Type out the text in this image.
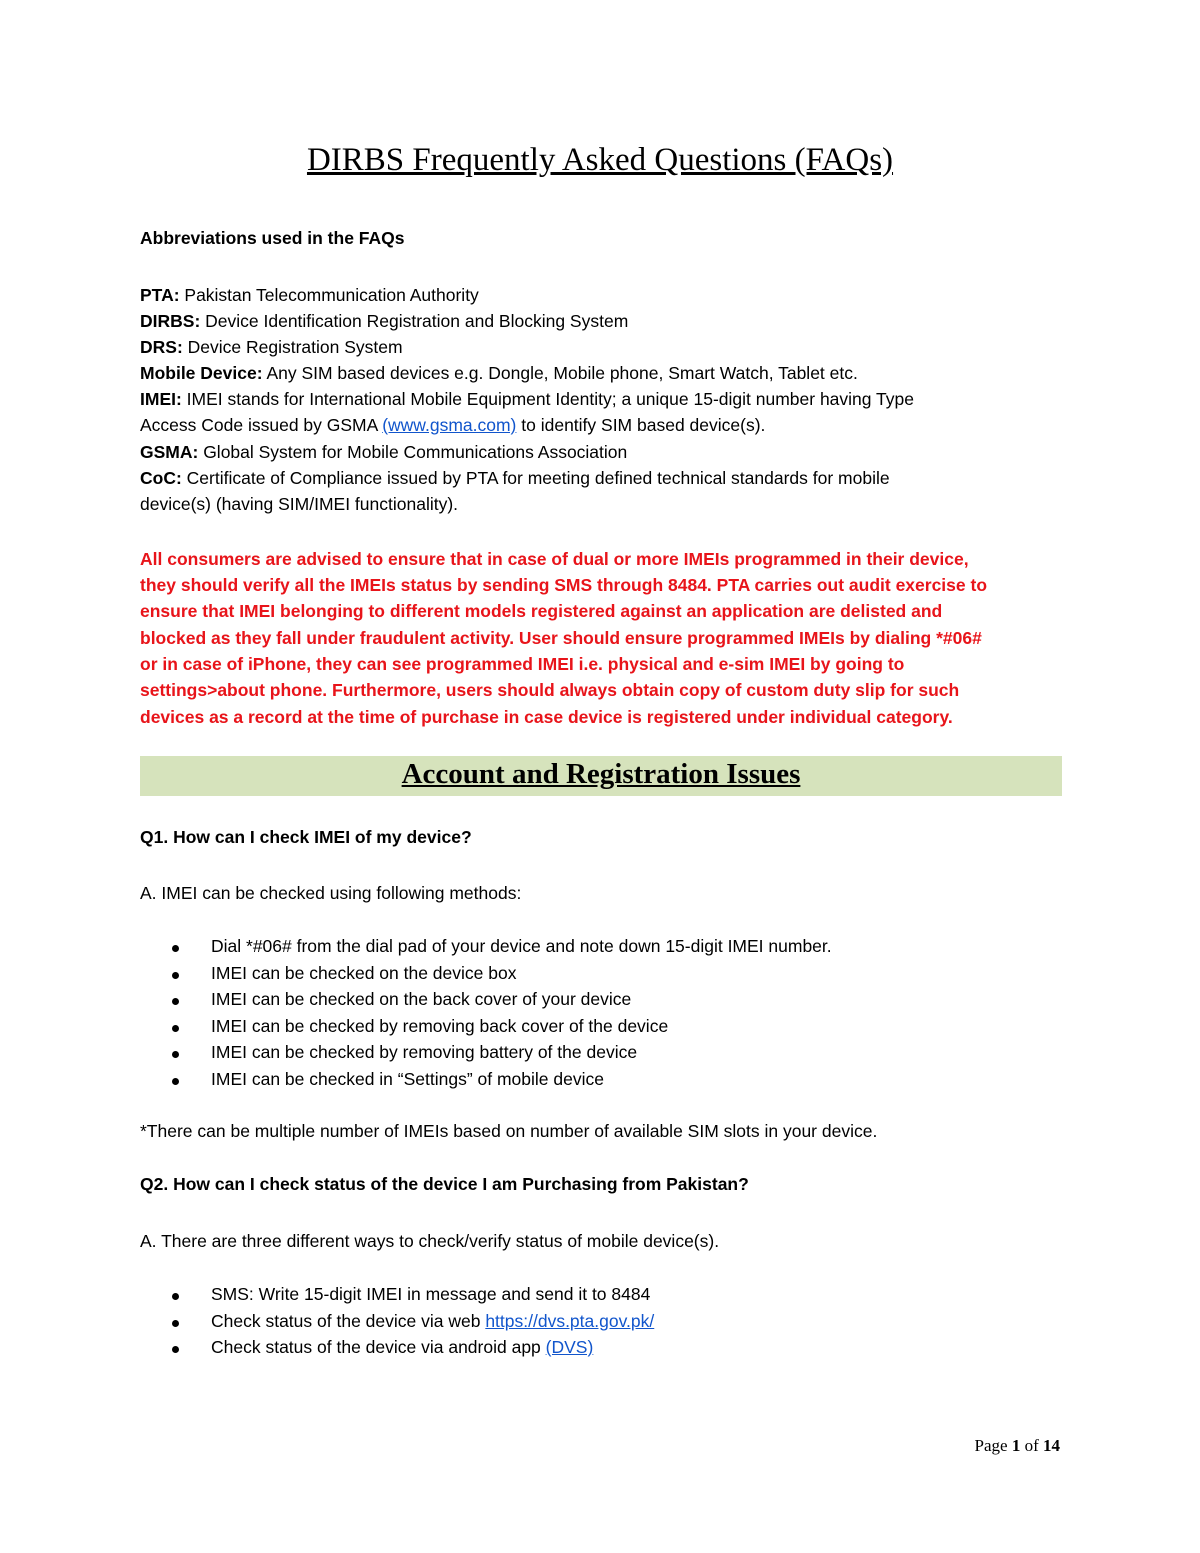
DIRBS Frequently Asked Questions (FAQs)

Abbreviations used in the FAQs

PTA: Pakistan Telecommunication Authority

DIRBS: Device Identification Registration and Blocking System

DRS: Device Registration System

Mobile Device: Any SIM based devices e.g. Dongle, Mobile phone, Smart Watch, Tablet etc.

IMEI: IMEI stands for International Mobile Equipment Identity; a unique 15-digit number having Type

Access Code issued by GSMA (www.gsma.com) to identify SIM based device(s).

GSMA: Global System for Mobile Communications Association

CoC: Certificate of Compliance issued by PTA for meeting defined technical standards for mobile

device(s) (having SIM/IMEI functionality).

All consumers are advised to ensure that in case of dual or more IMEIs programmed in their device,

they should verify all the IMEIs status by sending SMS through 8484. PTA carries out audit exercise to

ensure that IMEI belonging to different models registered against an application are delisted and

blocked as they fall under fraudulent activity. User should ensure programmed IMEIs by dialing *#06#

or in case of iPhone, they can see programmed IMEI i.e. physical and e-sim IMEI by going to

settings>about phone. Furthermore, users should always obtain copy of custom duty slip for such

devices as a record at the time of purchase in case device is registered under individual category.

Account and Registration Issues

Q1. How can I check IMEI of my device?

A. IMEI can be checked using following methods:

Dial *#06# from the dial pad of your device and note down 15-digit IMEI number.
IMEI can be checked on the device box
IMEI can be checked on the back cover of your device
IMEI can be checked by removing back cover of the device
IMEI can be checked by removing battery of the device
IMEI can be checked in “Settings” of mobile device

*There can be multiple number of IMEIs based on number of available SIM slots in your device.

Q2. How can I check status of the device I am Purchasing from Pakistan?

A. There are three different ways to check/verify status of mobile device(s).

SMS: Write 15-digit IMEI in message and send it to 8484
Check status of the device via web https://dvs.pta.gov.pk/
Check status of the device via android app (DVS)
Page 1 of 14
